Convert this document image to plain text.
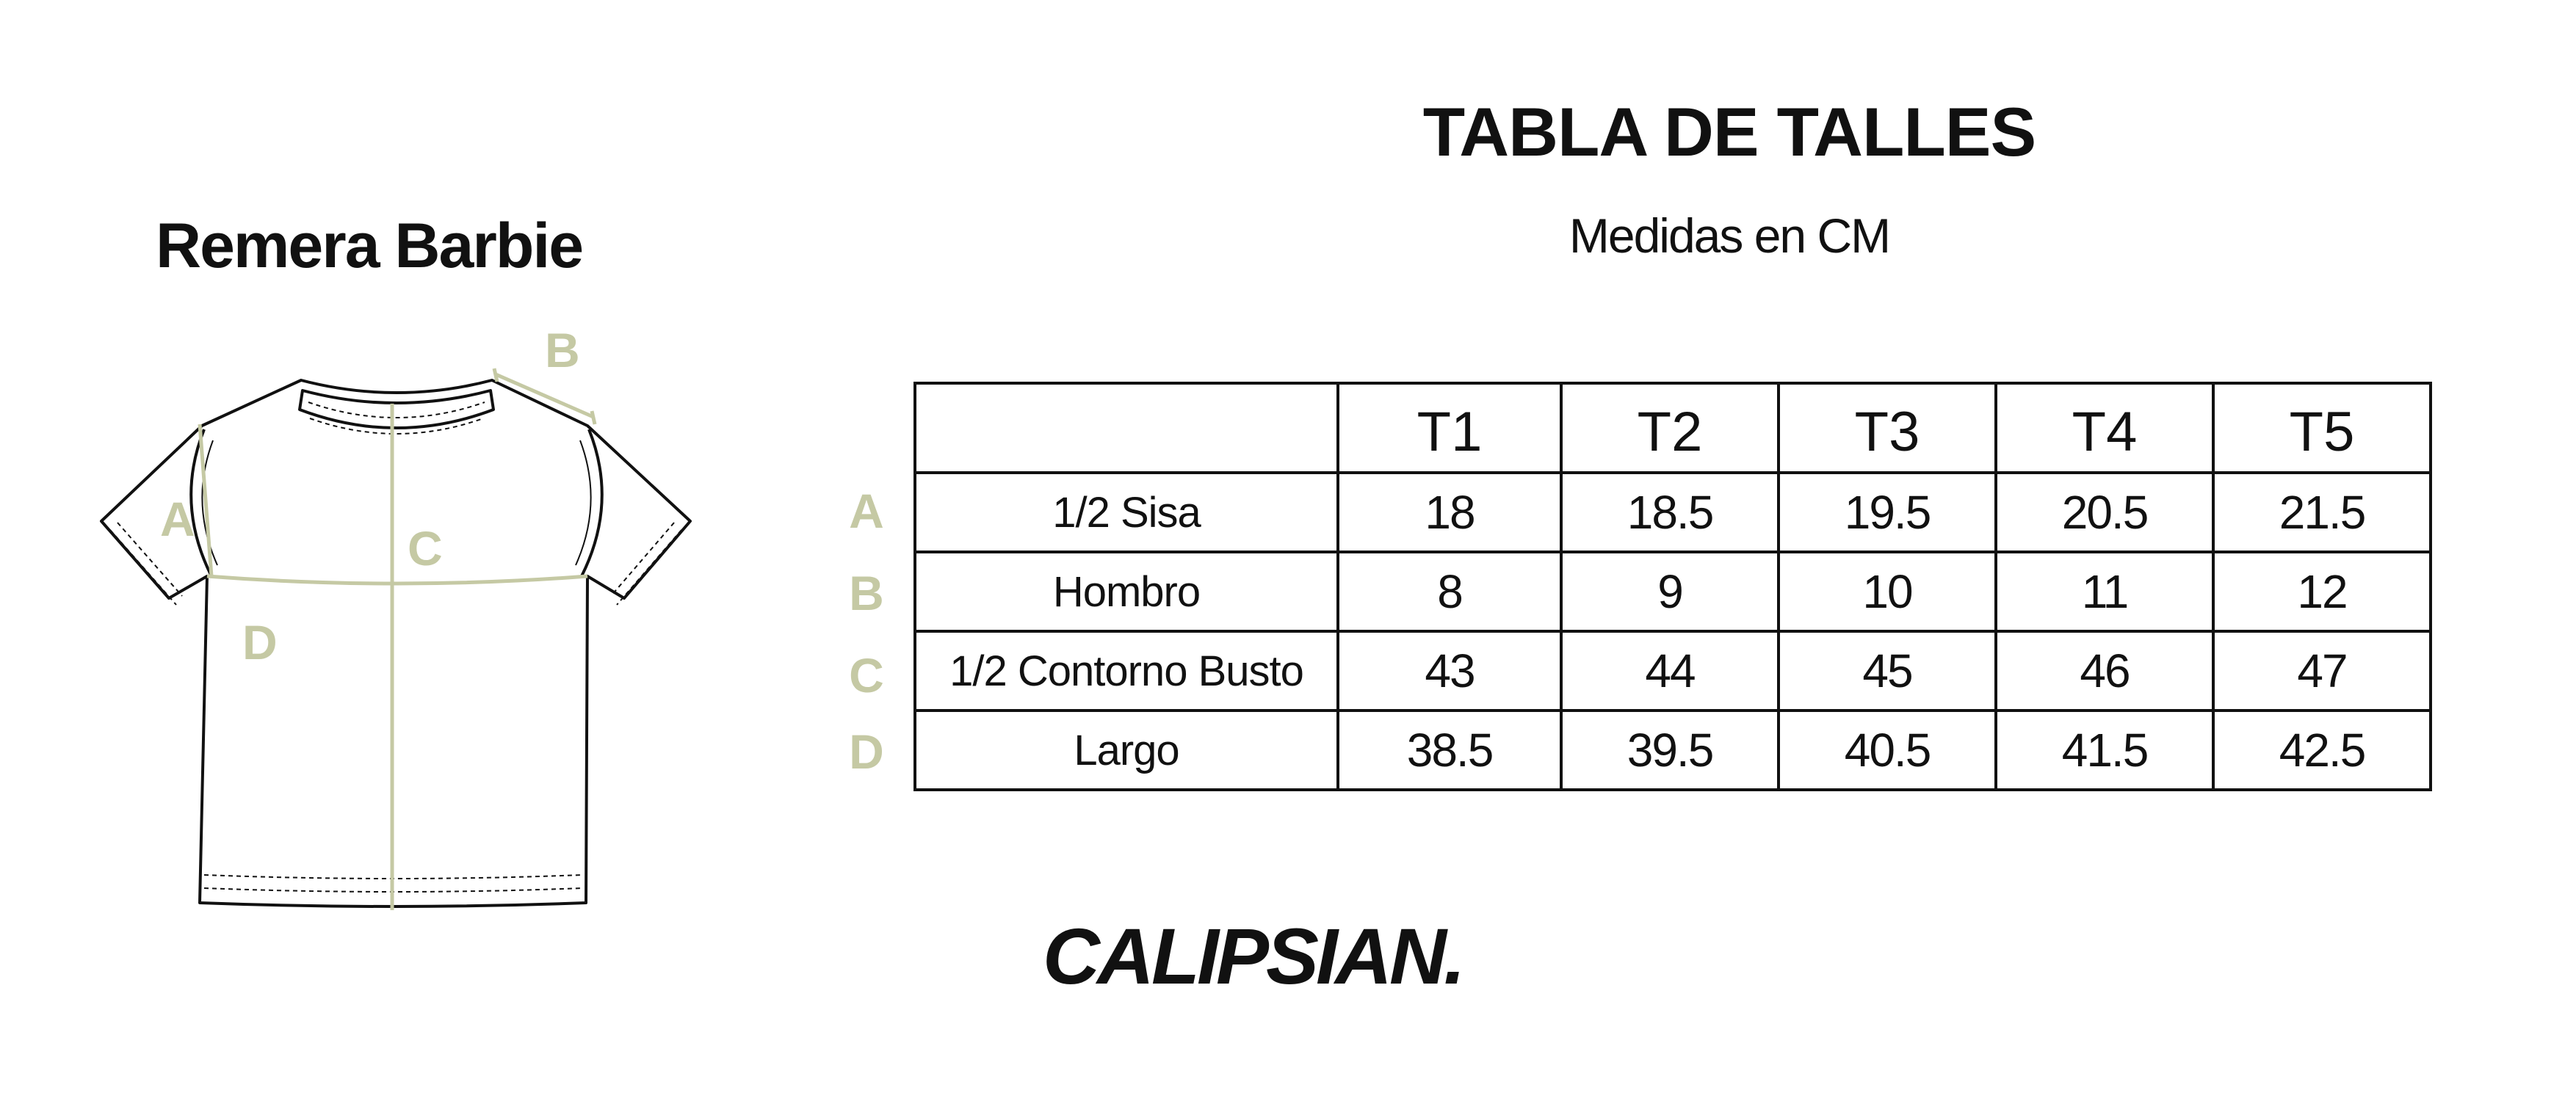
Remera Barbie
TABLA DE TALLES
Medidas en CM
A
B
C
D
A
B
C
D
	T1	T2	T3	T4	T5
1/2 Sisa	18	18.5	19.5	20.5	21.5
Hombro	8	9	10	11	12
1/2 Contorno Busto	43	44	45	46	47
Largo	38.5	39.5	40.5	41.5	42.5
CALIPSIAN.
